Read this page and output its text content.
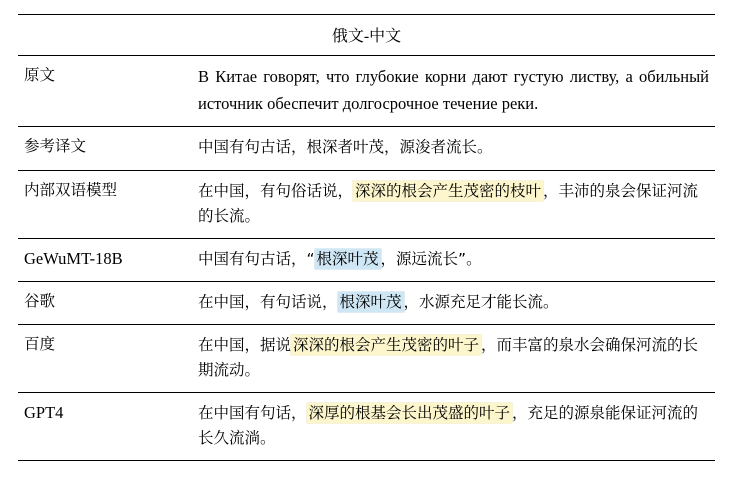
俄文-中文	

原文	В Китае говорят, что глубокие корни дают густую листву, а обильный источник обеспечит долгосрочное течение реки.

参考译文	中国有句古话，根深者叶茂，源浚者流长。

内部双语模型	在中国，有句俗话说， 深深的根会产生茂密的枝叶 ，丰沛的泉会保证河流的长流。

GeWuMT-18B	中国有句古话，“ 根深叶茂 ，源远流长”。

谷歌	在中国，有句话说， 根深叶茂 ，水源充足才能长流。

百度	在中国，据说 深深的根会产生茂密的叶子 ，而丰富的泉水会确保河流的长期流动。

GPT4	在中国有句话， 深厚的根基会长出茂盛的叶子 ，充足的源泉能保证河流的长久流淌。
